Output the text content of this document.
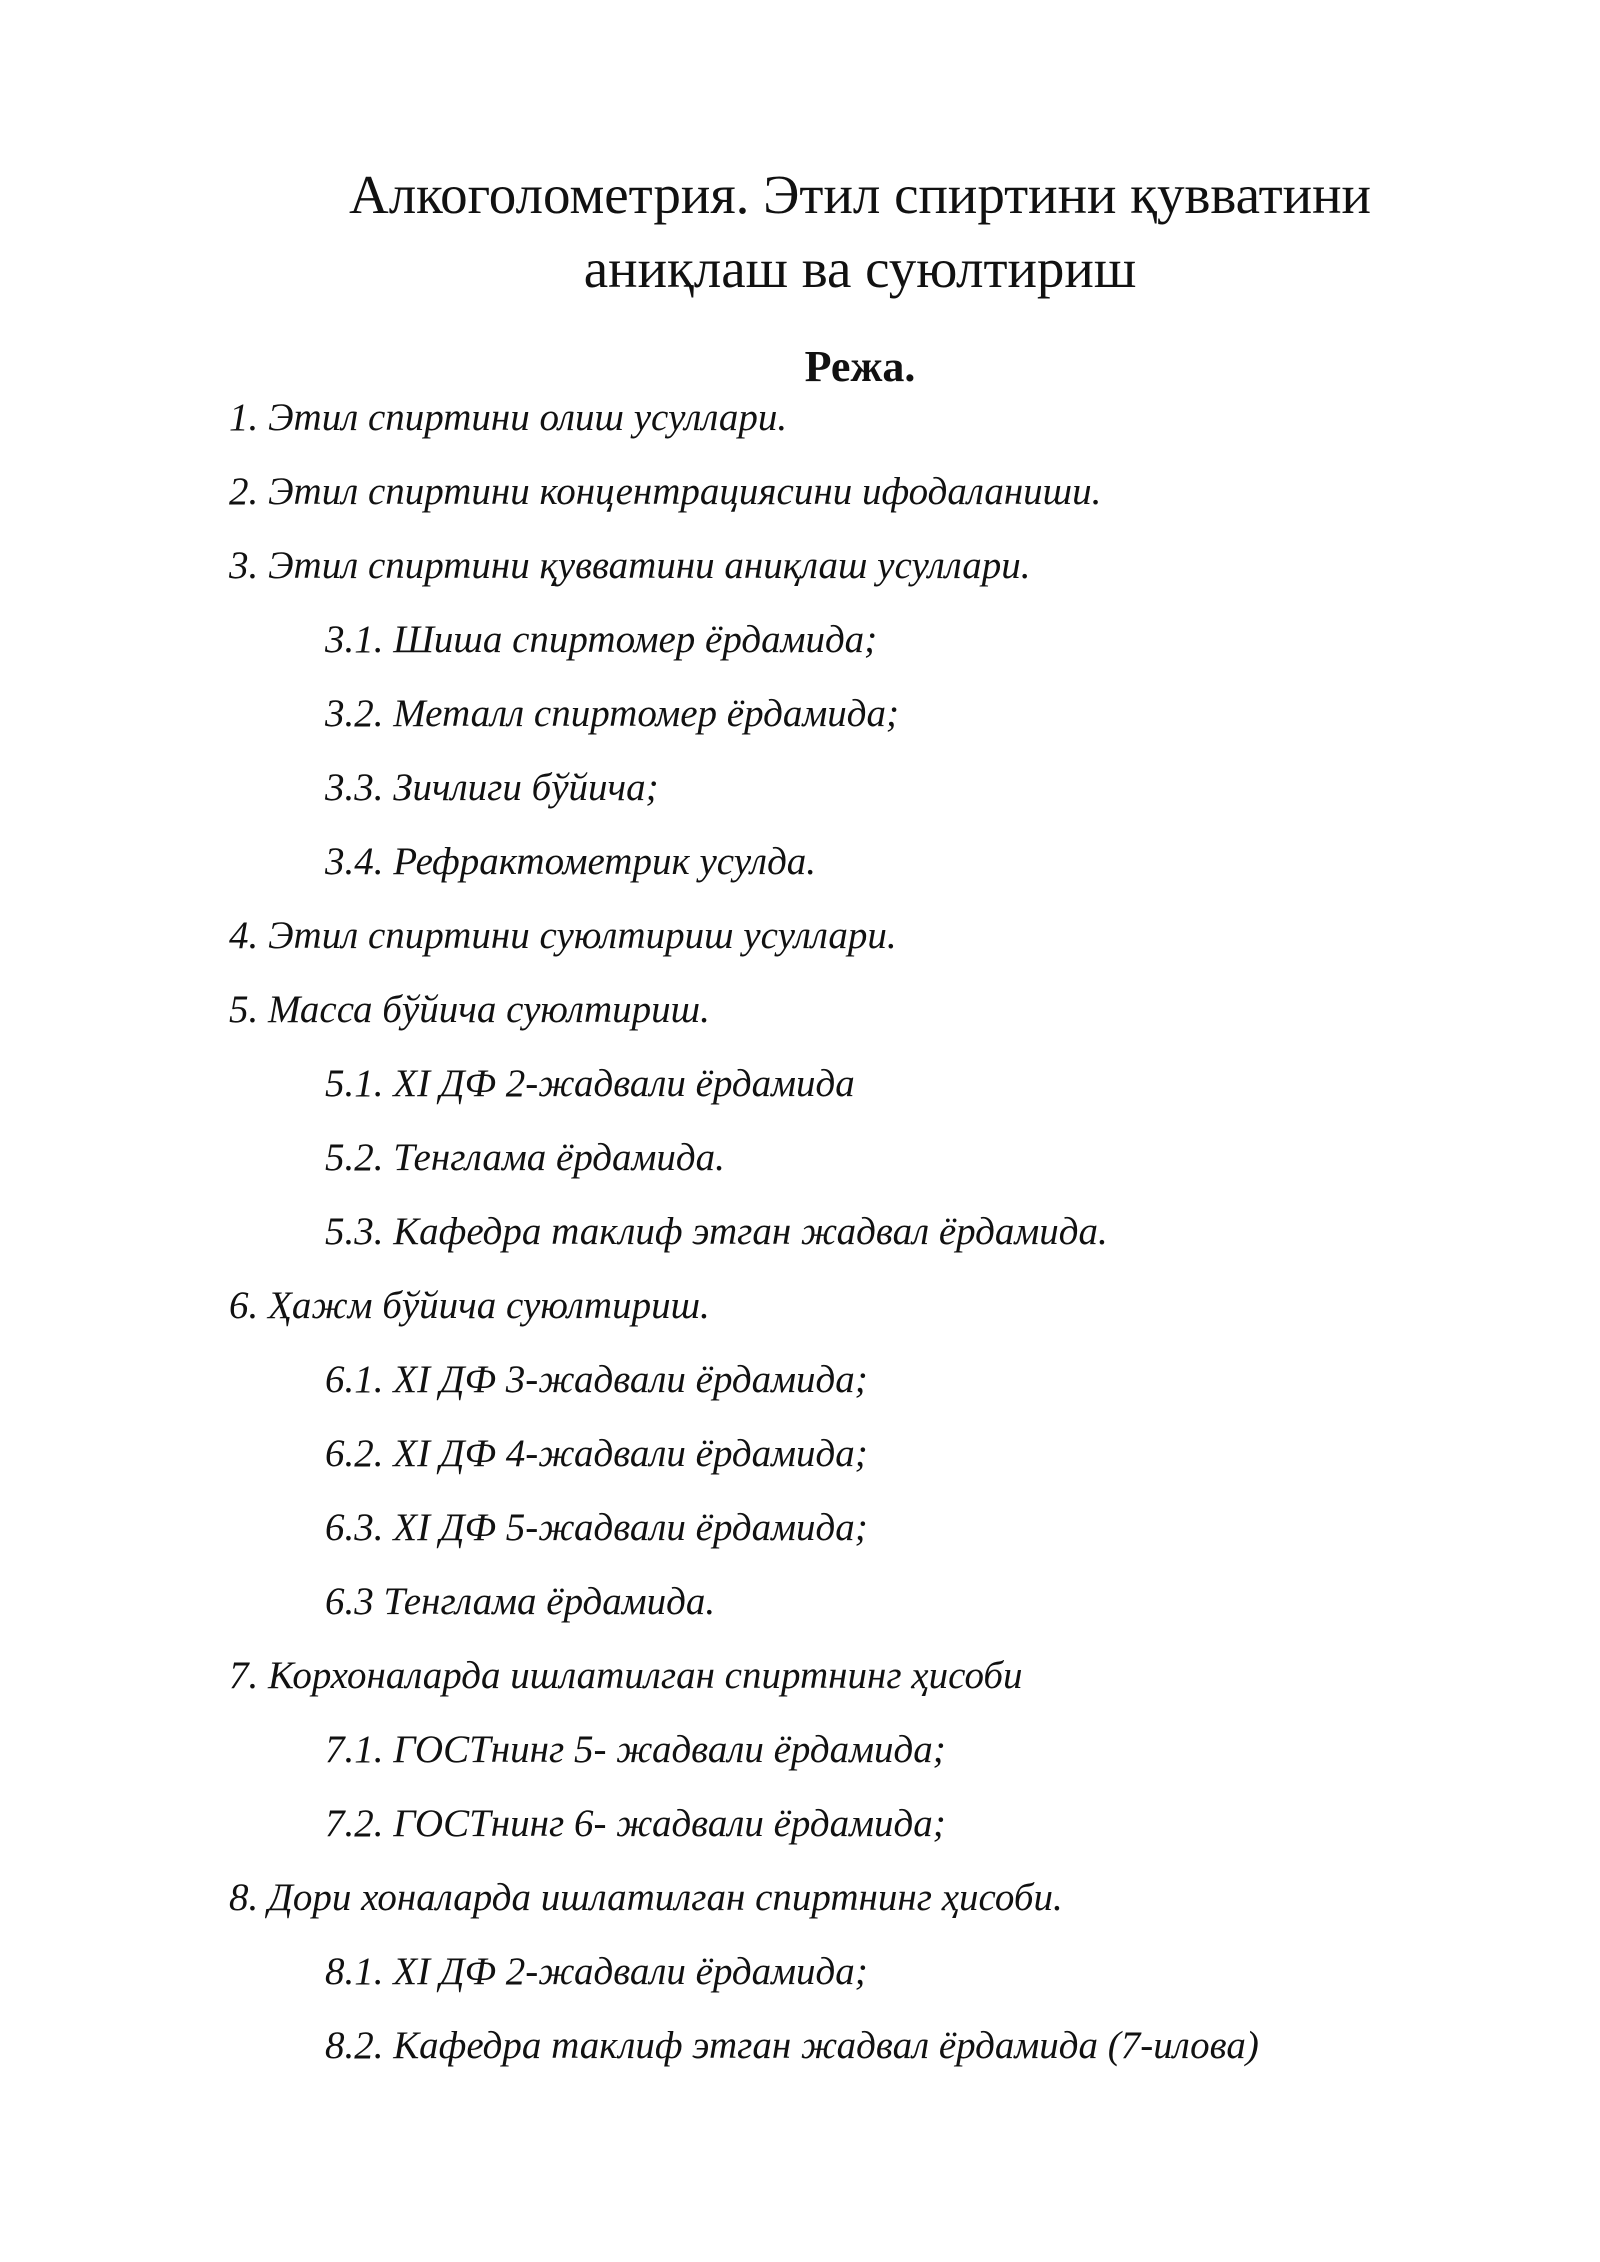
Алкоголометрия. Этил спиртини қувватини
аниқлаш ва суюлтириш
Режа.
1. Этил спиртини олиш усуллари.
2. Этил спиртини концентрациясини ифодаланиши.
3. Этил спиртини қувватини аниқлаш усуллари.
3.1. Шиша спиртомер ёрдамида;
3.2. Металл спиртомер ёрдамида;
3.3. Зичлиги бўйича;
3.4. Рефрактометрик усулда.
4. Этил спиртини суюлтириш усуллари.
5. Масса бўйича суюлтириш.
5.1. ХI ДФ 2-жадвали ёрдамида
5.2. Тенглама ёрдамида.
5.3. Кафедра таклиф этган жадвал ёрдамида.
6. Ҳажм бўйича суюлтириш.
6.1. ХI ДФ 3-жадвали ёрдамида;
6.2. ХI ДФ 4-жадвали ёрдамида;
6.3. ХI ДФ 5-жадвали ёрдамида;
6.3 Тенглама ёрдамида.
7. Корхоналарда ишлатилган спиртнинг ҳисоби
7.1. ГОСТнинг 5- жадвали ёрдамида;
7.2. ГОСТнинг 6- жадвали ёрдамида;
8. Дори хоналарда ишлатилган спиртнинг ҳисоби.
8.1. ХI ДФ 2-жадвали ёрдамида;
8.2. Кафедра таклиф этган жадвал ёрдамида (7-илова)
